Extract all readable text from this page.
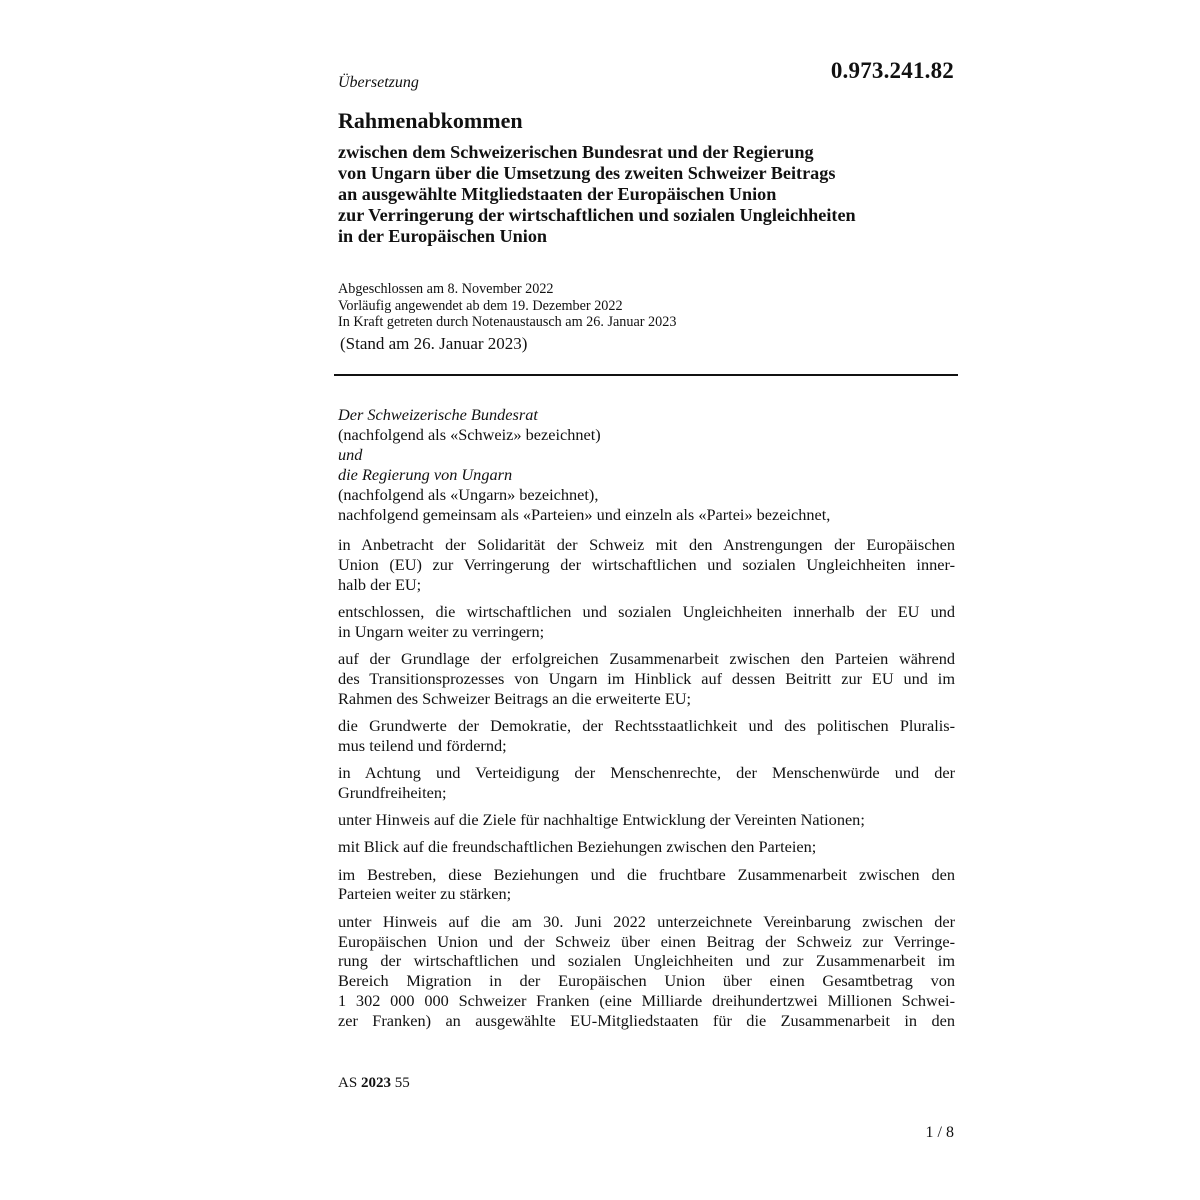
0.973.241.82
Übersetzung
Rahmenabkommen
zwischen dem Schweizerischen Bundesrat und der Regierung
von Ungarn über die Umsetzung des zweiten Schweizer Beitrags
an ausgewählte Mitgliedstaaten der Europäischen Union
zur Verringerung der wirtschaftlichen und sozialen Ungleichheiten
in der Europäischen Union
Abgeschlossen am 8. November 2022
Vorläufig angewendet ab dem 19. Dezember 2022
In Kraft getreten durch Notenaustausch am 26. Januar 2023
(Stand am 26. Januar 2023)
Der Schweizerische Bundesrat
(nachfolgend als «Schweiz» bezeichnet)
und
die Regierung von Ungarn
(nachfolgend als «Ungarn» bezeichnet),
nachfolgend gemeinsam als «Parteien» und einzeln als «Partei» bezeichnet,

in Anbetracht der Solidarität der Schweiz mit den Anstrengungen der Europäischen
Union (EU) zur Verringerung der wirtschaftlichen und sozialen Ungleichheiten inner-
halb der EU;

entschlossen, die wirtschaftlichen und sozialen Ungleichheiten innerhalb der EU und
in Ungarn weiter zu verringern;

auf der Grundlage der erfolgreichen Zusammenarbeit zwischen den Parteien während
des Transitionsprozesses von Ungarn im Hinblick auf dessen Beitritt zur EU und im
Rahmen des Schweizer Beitrags an die erweiterte EU;

die Grundwerte der Demokratie, der Rechtsstaatlichkeit und des politischen Pluralis-
mus teilend und fördernd;

in Achtung und Verteidigung der Menschenrechte, der Menschenwürde und der
Grundfreiheiten;

unter Hinweis auf die Ziele für nachhaltige Entwicklung der Vereinten Nationen;

mit Blick auf die freundschaftlichen Beziehungen zwischen den Parteien;

im Bestreben, diese Beziehungen und die fruchtbare Zusammenarbeit zwischen den
Parteien weiter zu stärken;

unter Hinweis auf die am 30. Juni 2022 unterzeichnete Vereinbarung zwischen der
Europäischen Union und der Schweiz über einen Beitrag der Schweiz zur Verringe-
rung der wirtschaftlichen und sozialen Ungleichheiten und zur Zusammenarbeit im
Bereich Migration in der Europäischen Union über einen Gesamtbetrag von
1 302 000 000 Schweizer Franken (eine Milliarde dreihundertzwei Millionen Schwei-
zer Franken) an ausgewählte EU-Mitgliedstaaten für die Zusammenarbeit in den

AS 2023 55
1 / 8
